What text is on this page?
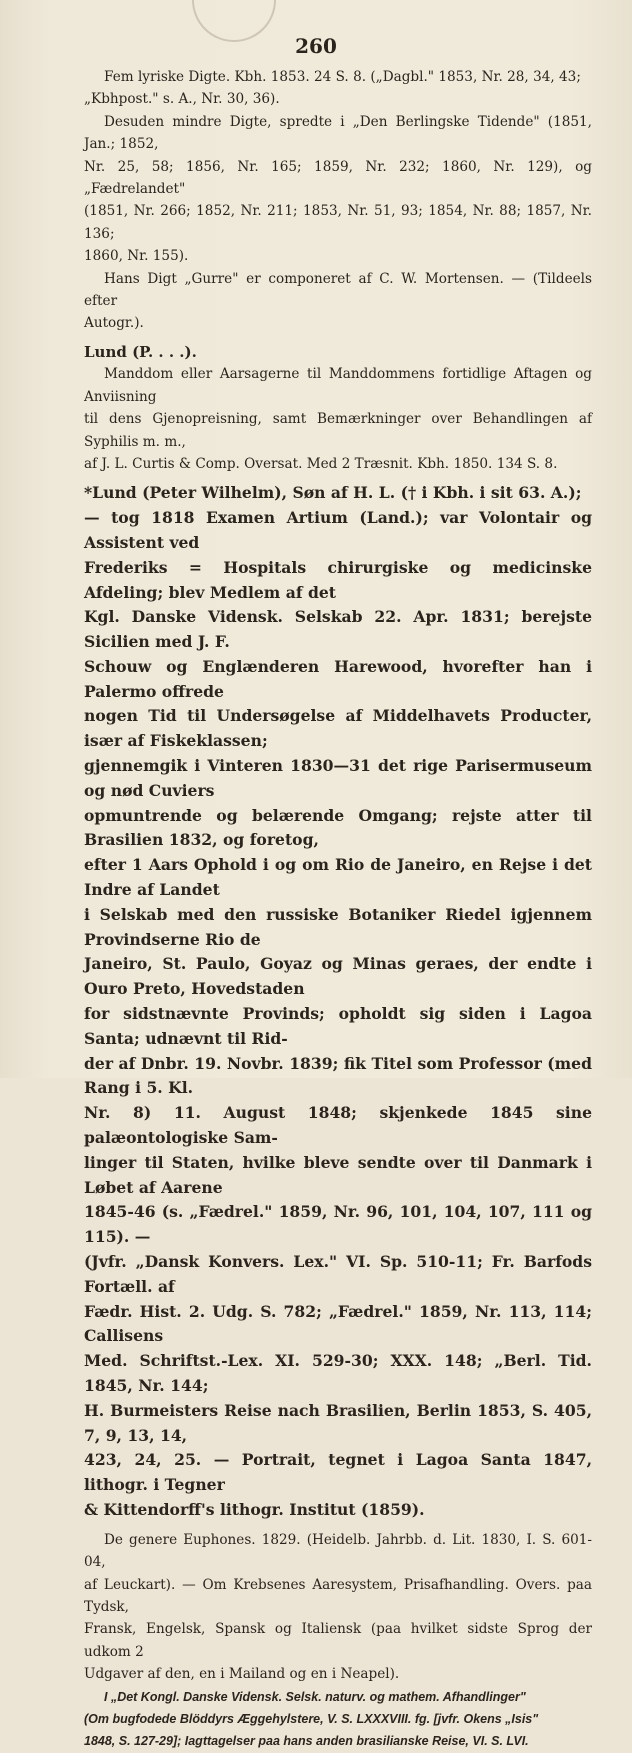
260

Fem lyriske Digte. Kbh. 1853. 24 S. 8. („Dagbl." 1853, Nr. 28, 34, 43;

„Kbhpost." s. A., Nr. 30, 36).

Desuden mindre Digte, spredte i „Den Berlingske Tidende" (1851, Jan.; 1852,

Nr. 25, 58; 1856, Nr. 165; 1859, Nr. 232; 1860, Nr. 129), og „Fædrelandet"

(1851, Nr. 266; 1852, Nr. 211; 1853, Nr. 51, 93; 1854, Nr. 88; 1857, Nr. 136;

1860, Nr. 155).

Hans Digt „Gurre" er componeret af C. W. Mortensen. — (Tildeels efter

Autogr.).

Lund (P. . . .).

Manddom eller Aarsagerne til Manddommens fortidlige Aftagen og Anviisning

til dens Gjenopreisning, samt Bemærkninger over Behandlingen af Syphilis m. m.,

af J. L. Curtis & Comp. Oversat. Med 2 Træsnit. Kbh. 1850. 134 S. 8.

*Lund (Peter Wilhelm), Søn af H. L. († i Kbh. i sit 63. A.);

— tog 1818 Examen Artium (Land.); var Volontair og Assistent ved

Frederiks = Hospitals chirurgiske og medicinske Afdeling; blev Medlem af det

Kgl. Danske Vidensk. Selskab 22. Apr. 1831; berejste Sicilien med J. F.

Schouw og Englænderen Harewood, hvorefter han i Palermo offrede

nogen Tid til Undersøgelse af Middelhavets Producter, især af Fiskeklassen;

gjennemgik i Vinteren 1830—31 det rige Parisermuseum og nød Cuviers

opmuntrende og belærende Omgang; rejste atter til Brasilien 1832, og foretog,

efter 1 Aars Ophold i og om Rio de Janeiro, en Rejse i det Indre af Landet

i Selskab med den russiske Botaniker Riedel igjennem Provindserne Rio de

Janeiro, St. Paulo, Goyaz og Minas geraes, der endte i Ouro Preto, Hovedstaden

for sidstnævnte Provinds; opholdt sig siden i Lagoa Santa; udnævnt til Rid-

der af Dnbr. 19. Novbr. 1839; fik Titel som Professor (med Rang i 5. Kl.

Nr. 8) 11. August 1848; skjenkede 1845 sine palæontologiske Sam-

linger til Staten, hvilke bleve sendte over til Danmark i Løbet af Aarene

1845-46 (s. „Fædrel." 1859, Nr. 96, 101, 104, 107, 111 og 115). —

(Jvfr. „Dansk Konvers. Lex." VI. Sp. 510-11; Fr. Barfods Fortæll. af

Fædr. Hist. 2. Udg. S. 782; „Fædrel." 1859, Nr. 113, 114; Callisens

Med. Schriftst.-Lex. XI. 529-30; XXX. 148; „Berl. Tid. 1845, Nr. 144;

H. Burmeisters Reise nach Brasilien, Berlin 1853, S. 405, 7, 9, 13, 14,

423, 24, 25. — Portrait, tegnet i Lagoa Santa 1847, lithogr. i Tegner

& Kittendorff's lithogr. Institut (1859).

De genere Euphones. 1829. (Heidelb. Jahrbb. d. Lit. 1830, I. S. 601-04,

af Leuckart). — Om Krebsenes Aaresystem, Prisafhandling. Overs. paa Tydsk,

Fransk, Engelsk, Spansk og Italiensk (paa hvilket sidste Sprog der udkom 2

Udgaver af den, en i Mailand og en i Neapel).

I „Det Kongl. Danske Vidensk. Selsk. naturv. og mathem. Afhandlinger"

(Om bugfodede Blöddyrs Æggehylstere, V. S. LXXXVIII. fg. [jvfr. Okens „Isis"

1848, S. 127-29]; Iagttagelser paa hans anden brasilianske Reise, VI. S. LVI.
